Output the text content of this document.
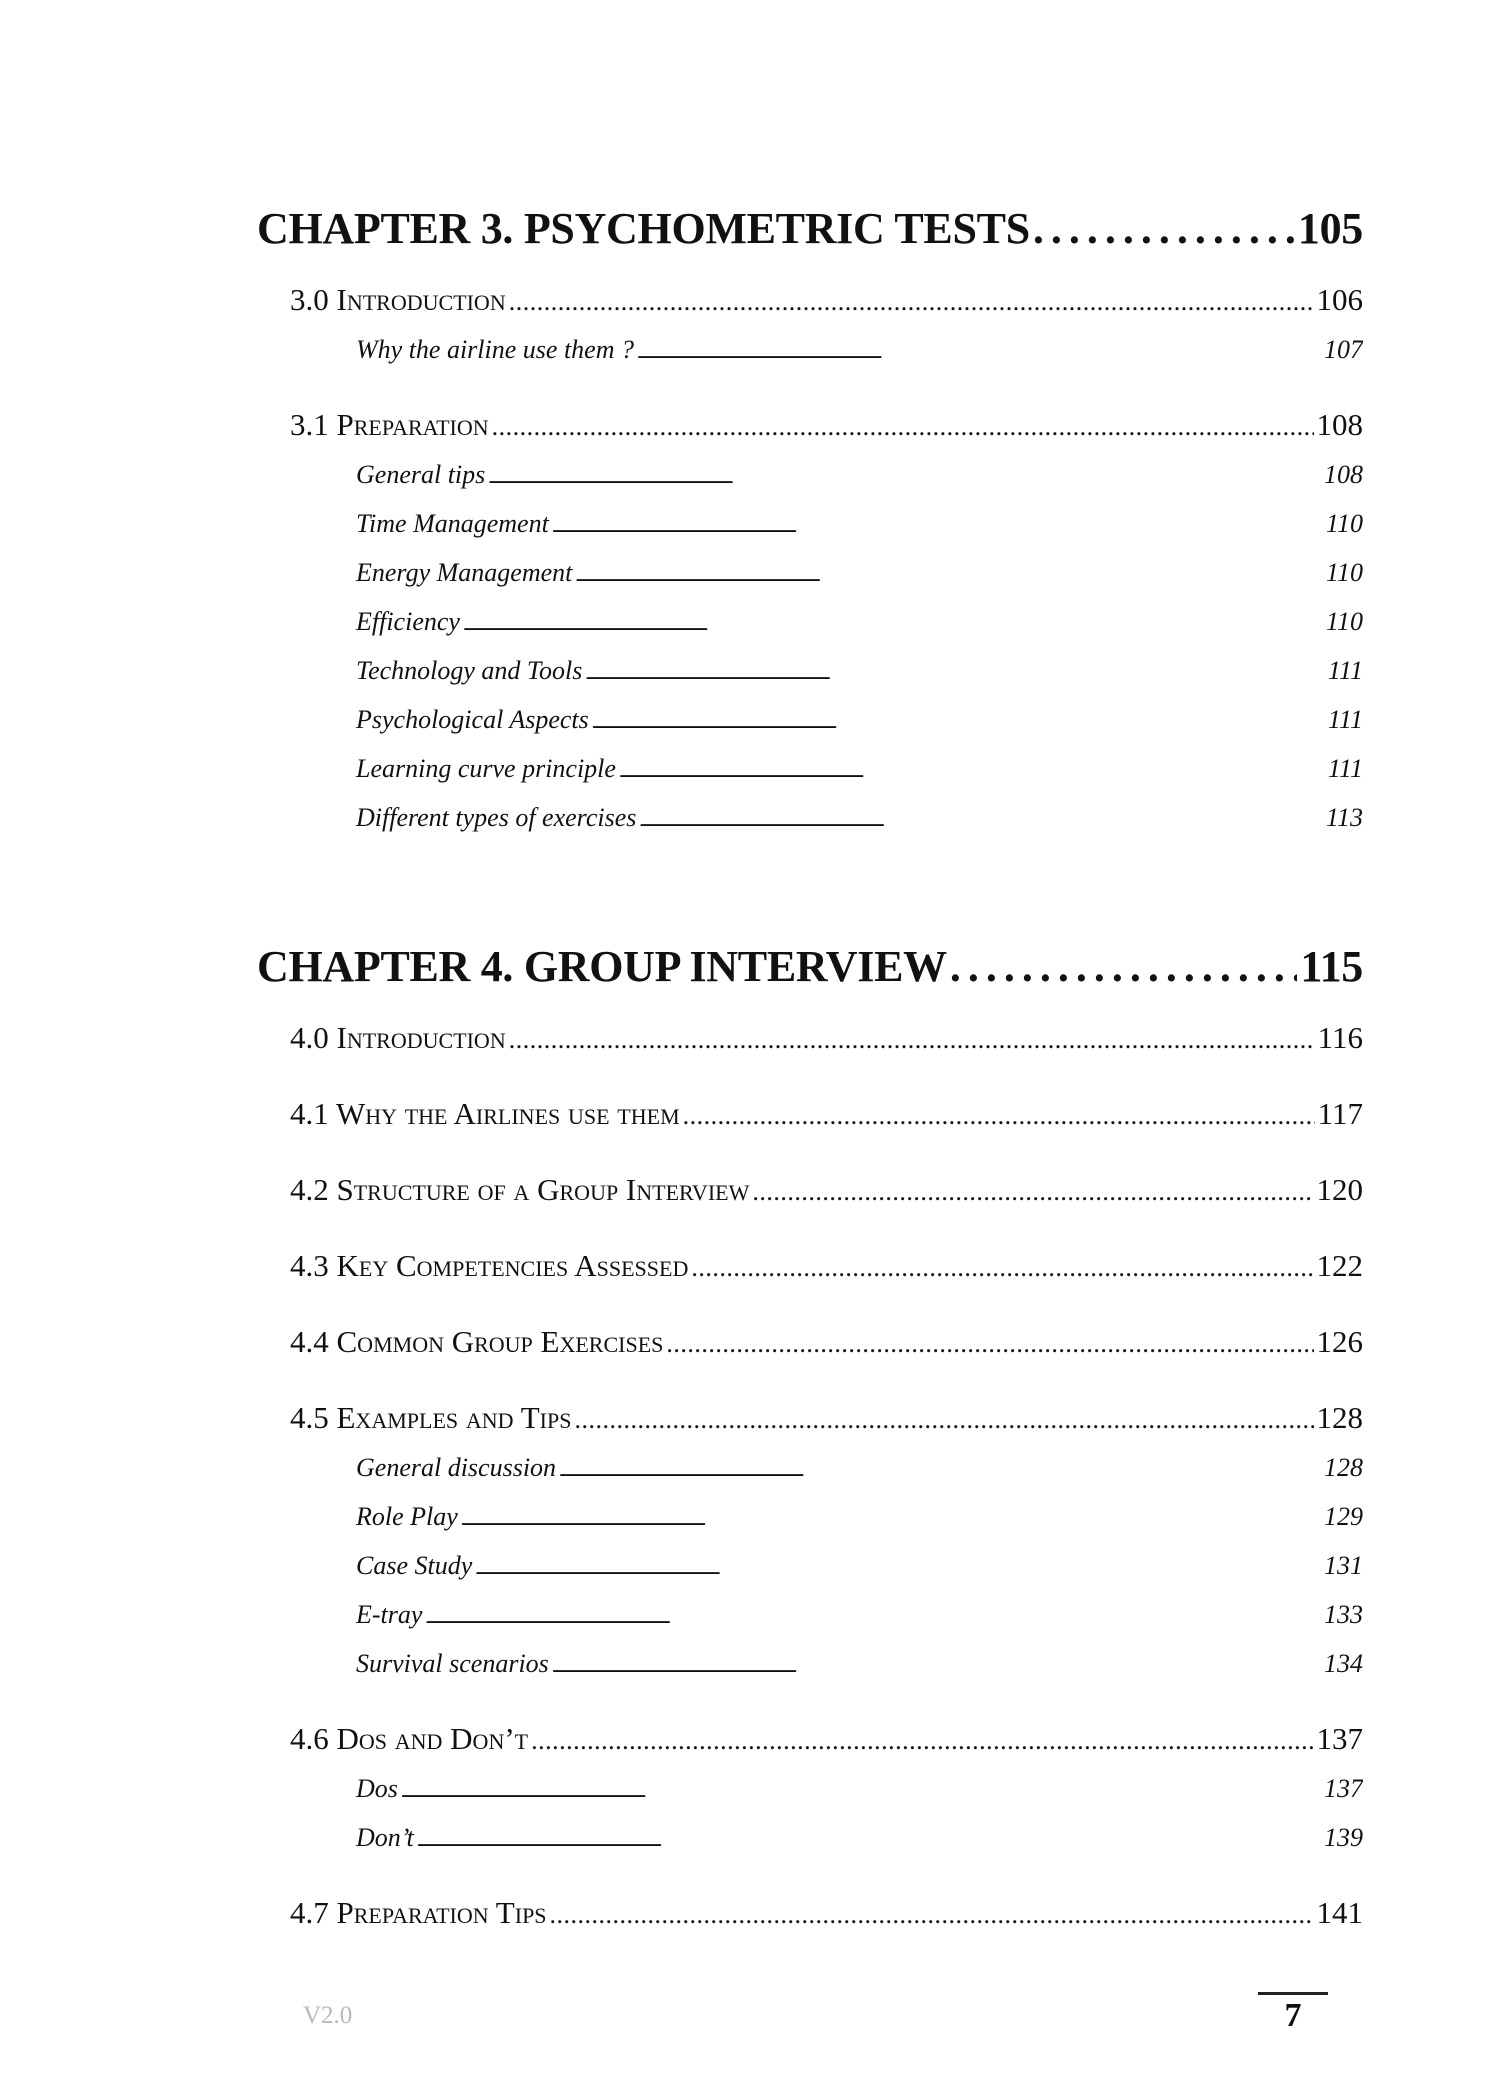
CHAPTER 3. PSYCHOMETRIC TESTS . . .	105
3.0 Introduction . . .	106
Why the airline use them ? . . .	107
3.1 Preparation . . .	108
General tips . . .	108
Time Management . . .	110
Energy Management . . .	110
Efficiency . . .	110
Technology and Tools . . .	111
Psychological Aspects . . .	111
Learning curve principle . . .	111
Different types of exercises . . .	113
CHAPTER 4. GROUP INTERVIEW . . .	115
4.0 Introduction . . .	116
4.1 Why the Airlines use them . . .	117
4.2 Structure of a Group Interview . . .	120
4.3 Key Competencies Assessed . . .	122
4.4 Common Group Exercises . . .	126
4.5 Examples and Tips . . .	128
General discussion . . .	128
Role Play . . .	129
Case Study . . .	131
E-tray . . .	133
Survival scenarios . . .	134
4.6 Dos and Don’t . . .	137
Dos . . .	137
Don’t . . .	139
4.7 Preparation Tips . . .	141
V2.0	7
